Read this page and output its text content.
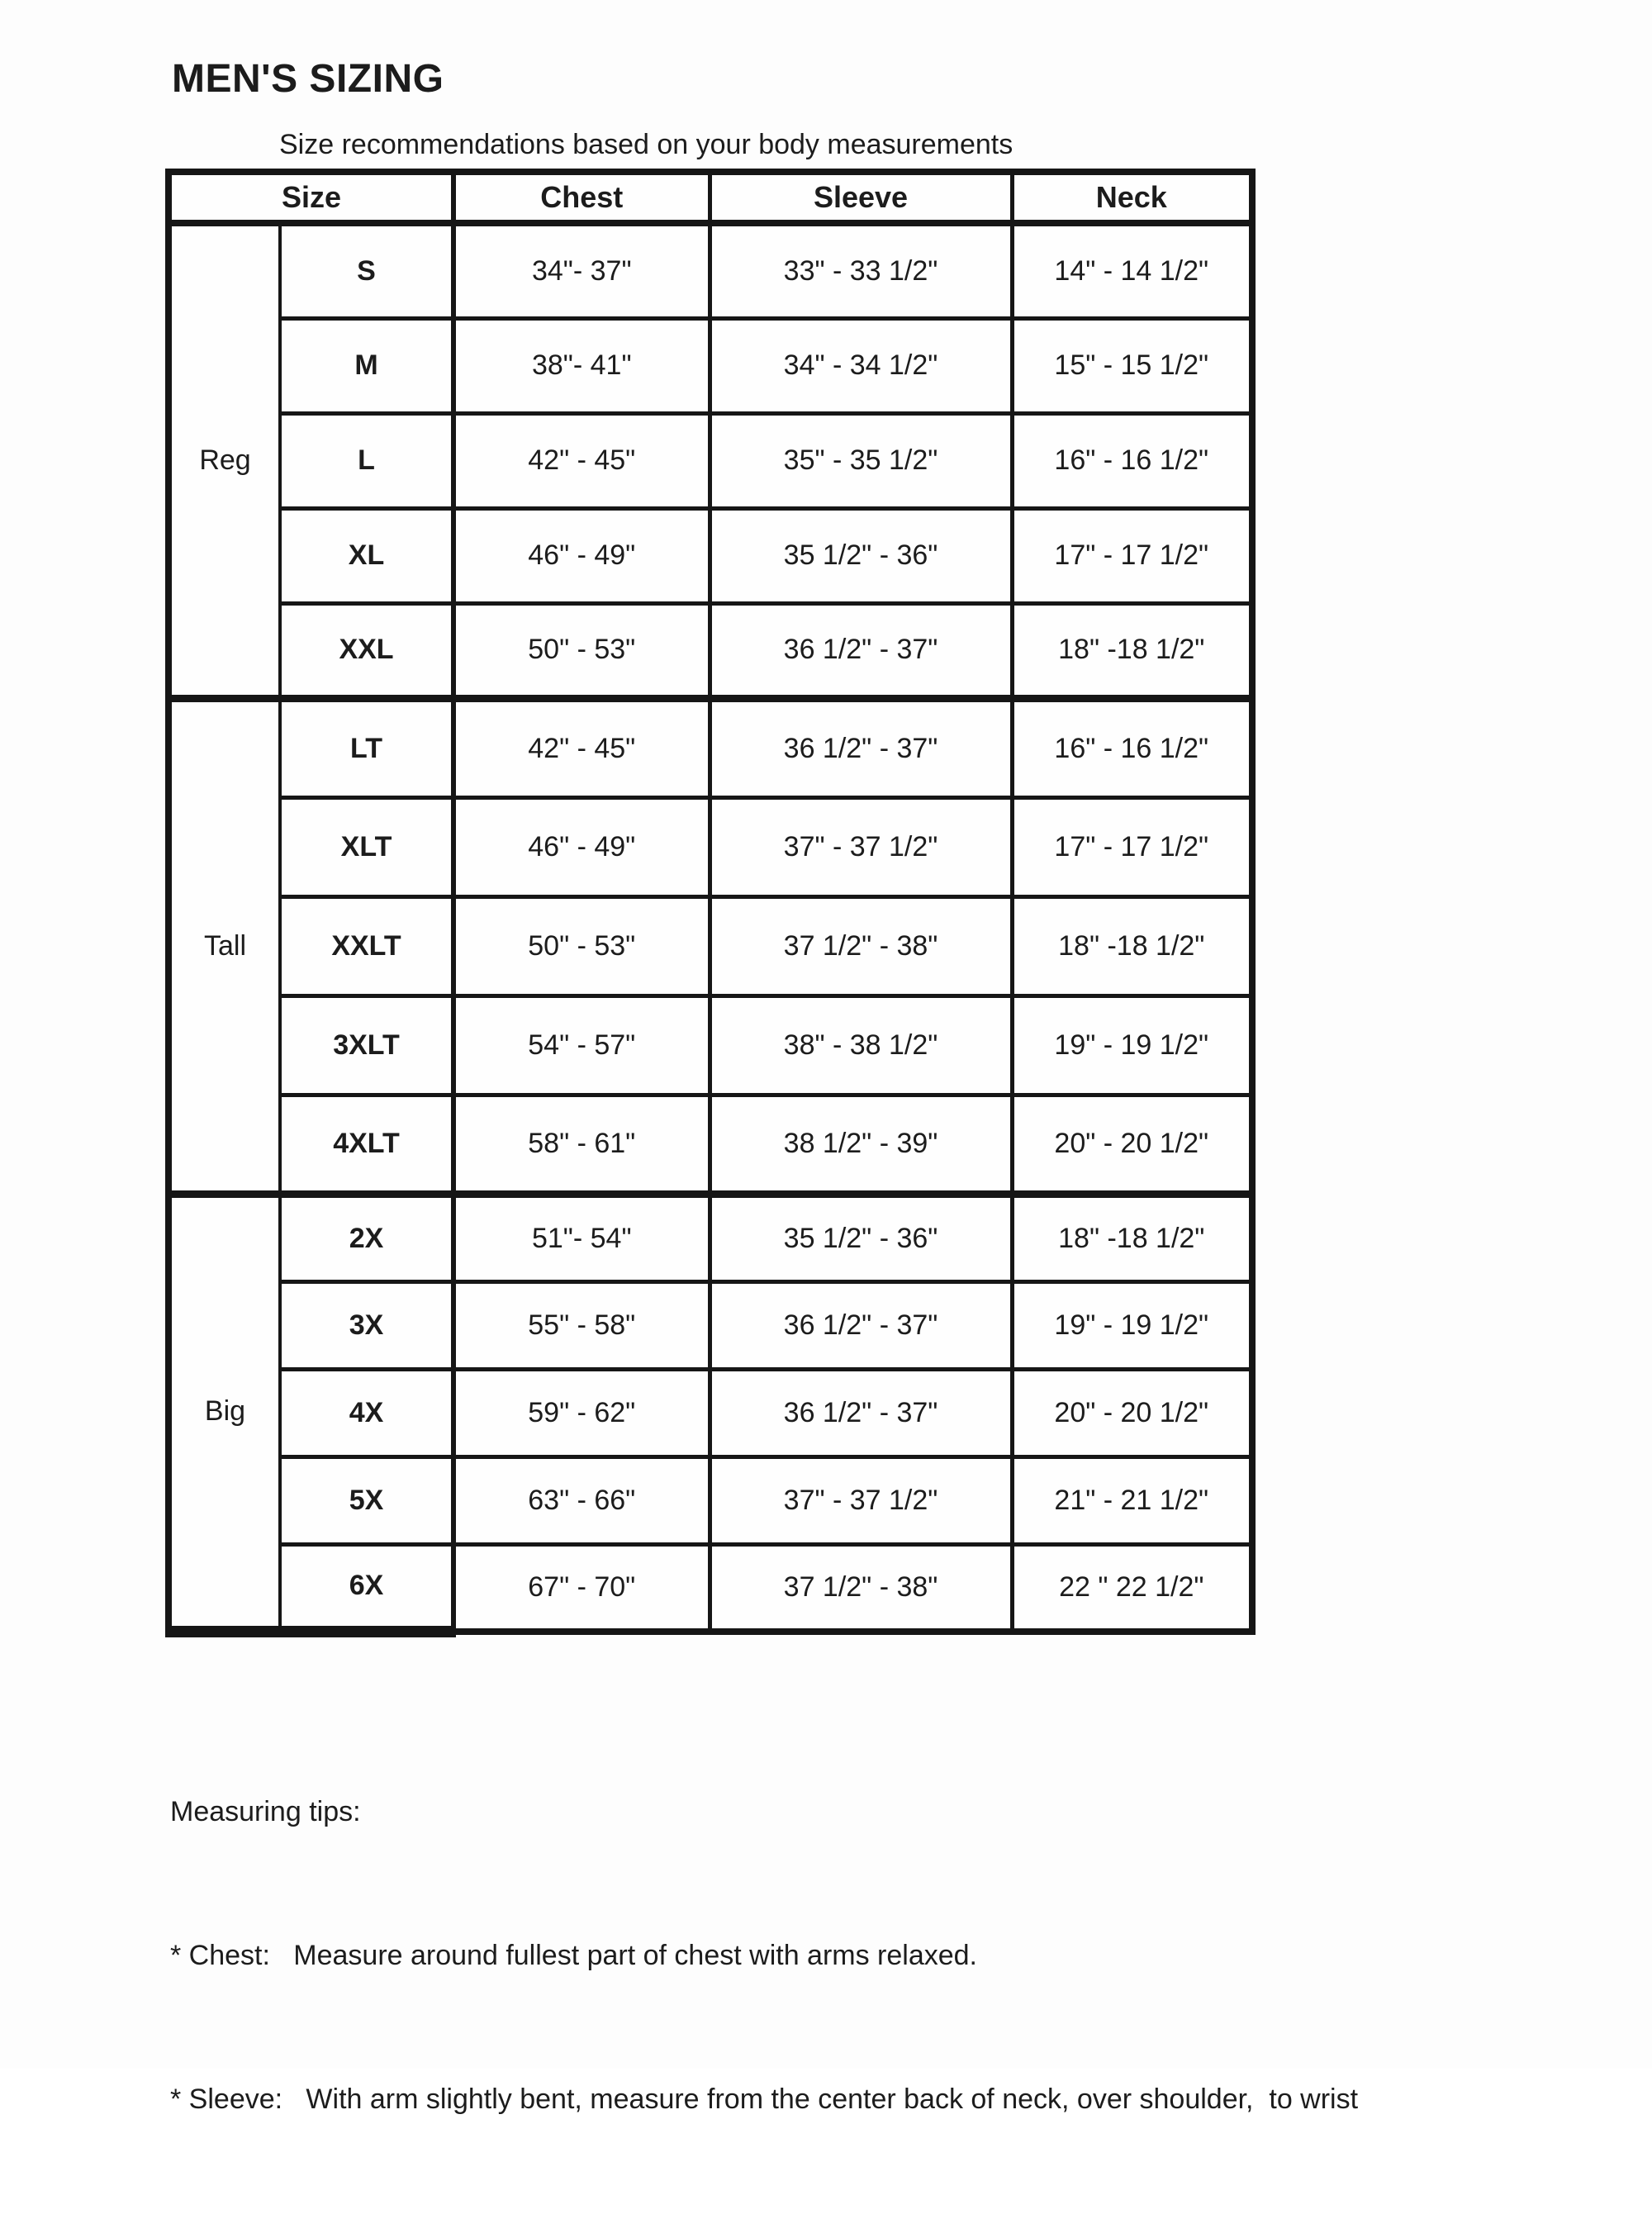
MEN'S SIZING
Size recommendations based on your body measurements
Size		Chest	Sleeve	Neck
Reg	S	34"- 37"	33" - 33 1/2"	14" - 14 1/2"
	M	38"- 41"	34" - 34 1/2"	15" - 15 1/2"
	L	42" - 45"	35" - 35 1/2"	16" - 16 1/2"
	XL	46" - 49"	35 1/2" - 36"	17" - 17 1/2"
	XXL	50" - 53"	36 1/2" - 37"	18" -18 1/2"
Tall	LT	42" - 45"	36 1/2" - 37"	16" - 16 1/2"
	XLT	46" - 49"	37" - 37 1/2"	17" - 17 1/2"
	XXLT	50" - 53"	37 1/2" - 38"	18" -18 1/2"
	3XLT	54" - 57"	38" - 38 1/2"	19" - 19 1/2"
	4XLT	58" - 61"	38 1/2" - 39"	20" - 20 1/2"
Big	2X	51"- 54"	35 1/2" - 36"	18" -18 1/2"
	3X	55" - 58"	36 1/2" - 37"	19" - 19 1/2"
	4X	59" - 62"	36 1/2" - 37"	20" - 20 1/2"
	5X	63" - 66"	37" - 37 1/2"	21" - 21 1/2"
	6X	67" - 70"	37 1/2" - 38"	22 " 22 1/2"

Measuring tips:

* Chest:   Measure around fullest part of chest with arms relaxed.

* Sleeve:   With arm slightly bent, measure from the center back of neck, over shoulder,  to wrist
